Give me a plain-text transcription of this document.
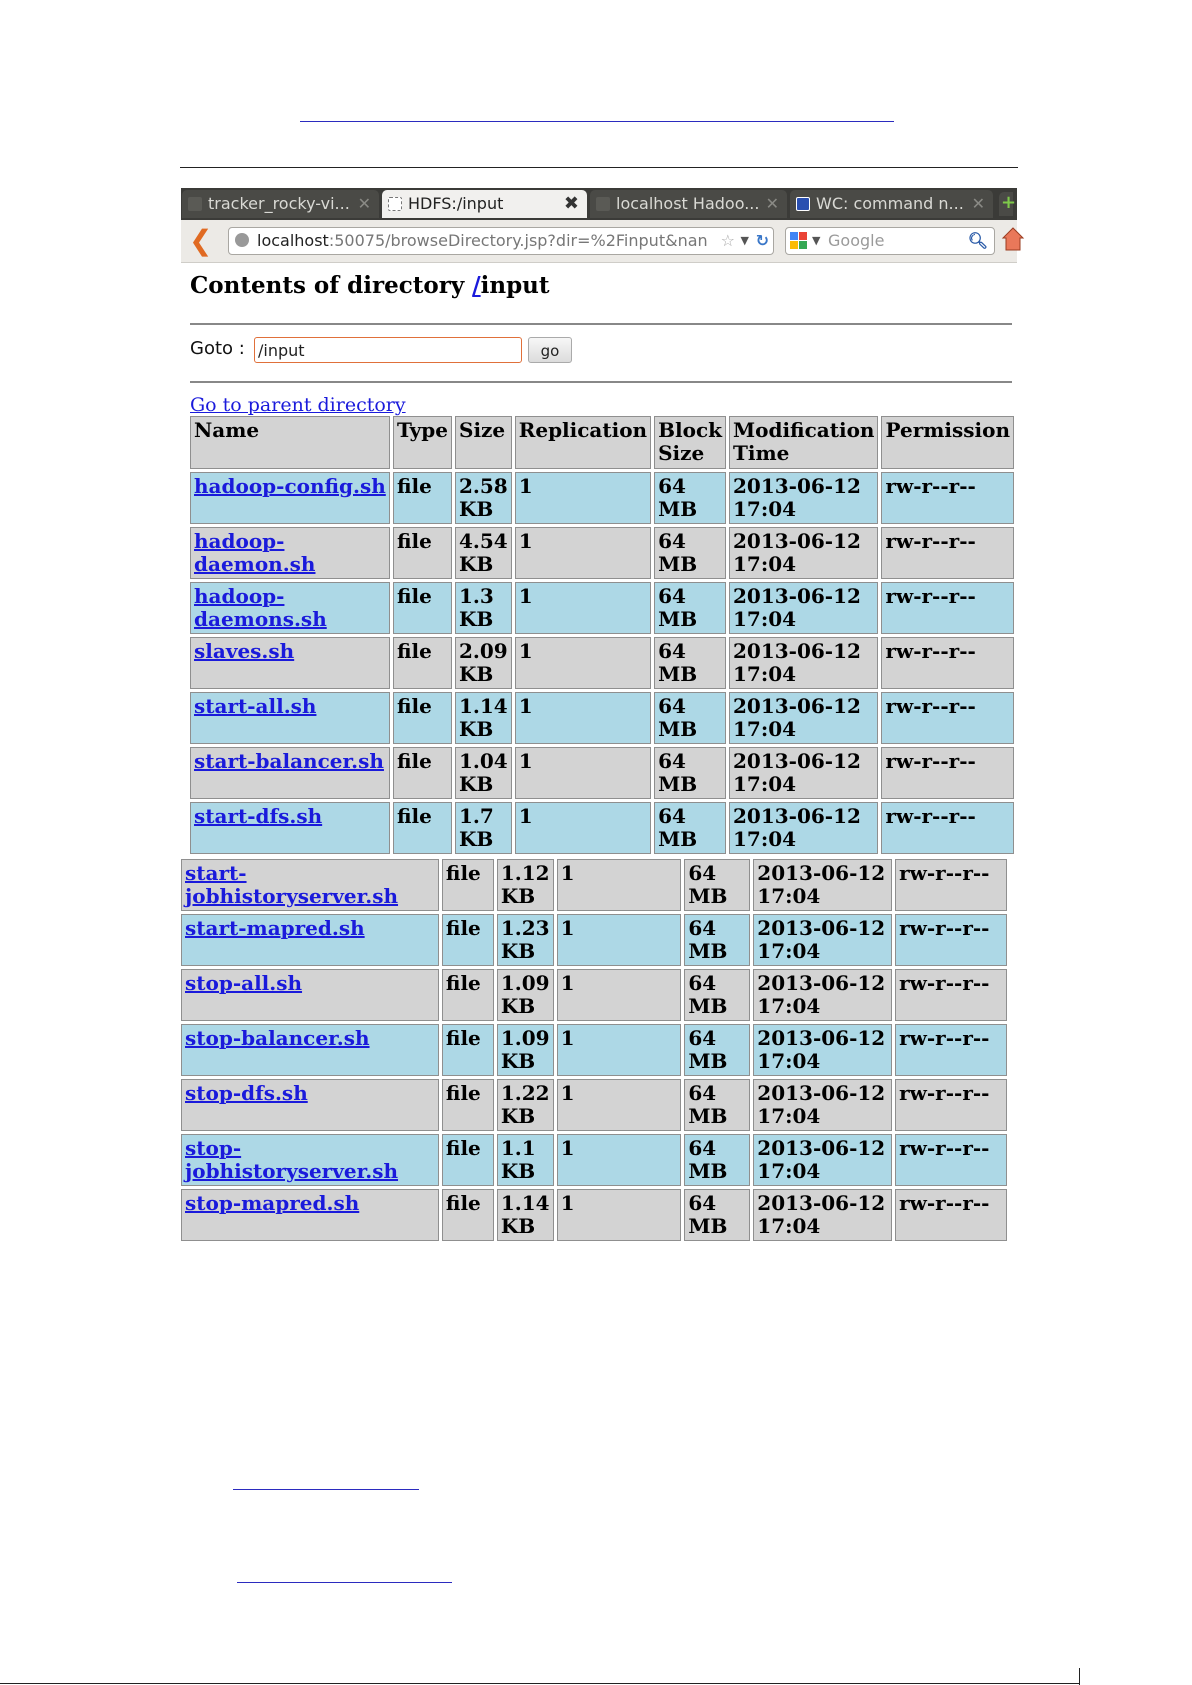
tracker_rocky-vi... ✕ HDFS:/input	✖ localhost Hadoo... ✕ WC: command n... ✕ +
❮	localhost:50075/browseDirectory.jsp?dir=%2Finput&nan ☆ ▼ ↻	▼ Google	🔍︎
Contents of directory /input
Goto : /input	go
Go to parent directory
Name	Type	Size	Replication	Block Size	Modification Time	Permission
hadoop-config.sh	file	2.58 KB	1	64 MB	2013-06-12 17:04	rw-r--r--
hadoop-daemon.sh	file	4.54 KB	1	64 MB	2013-06-12 17:04	rw-r--r--
hadoop-daemons.sh	file	1.3 KB	1	64 MB	2013-06-12 17:04	rw-r--r--
slaves.sh	file	2.09 KB	1	64 MB	2013-06-12 17:04	rw-r--r--
start-all.sh	file	1.14 KB	1	64 MB	2013-06-12 17:04	rw-r--r--
start-balancer.sh	file	1.04 KB	1	64 MB	2013-06-12 17:04	rw-r--r--
start-dfs.sh	file	1.7 KB	1	64 MB	2013-06-12 17:04	rw-r--r--
start-jobhistoryserver.sh	file	1.12 KB	1	64 MB	2013-06-12 17:04	rw-r--r--
start-mapred.sh	file	1.23 KB	1	64 MB	2013-06-12 17:04	rw-r--r--
stop-all.sh	file	1.09 KB	1	64 MB	2013-06-12 17:04	rw-r--r--
stop-balancer.sh	file	1.09 KB	1	64 MB	2013-06-12 17:04	rw-r--r--
stop-dfs.sh	file	1.22 KB	1	64 MB	2013-06-12 17:04	rw-r--r--
stop-jobhistoryserver.sh	file	1.1 KB	1	64 MB	2013-06-12 17:04	rw-r--r--
stop-mapred.sh	file	1.14 KB	1	64 MB	2013-06-12 17:04	rw-r--r--
